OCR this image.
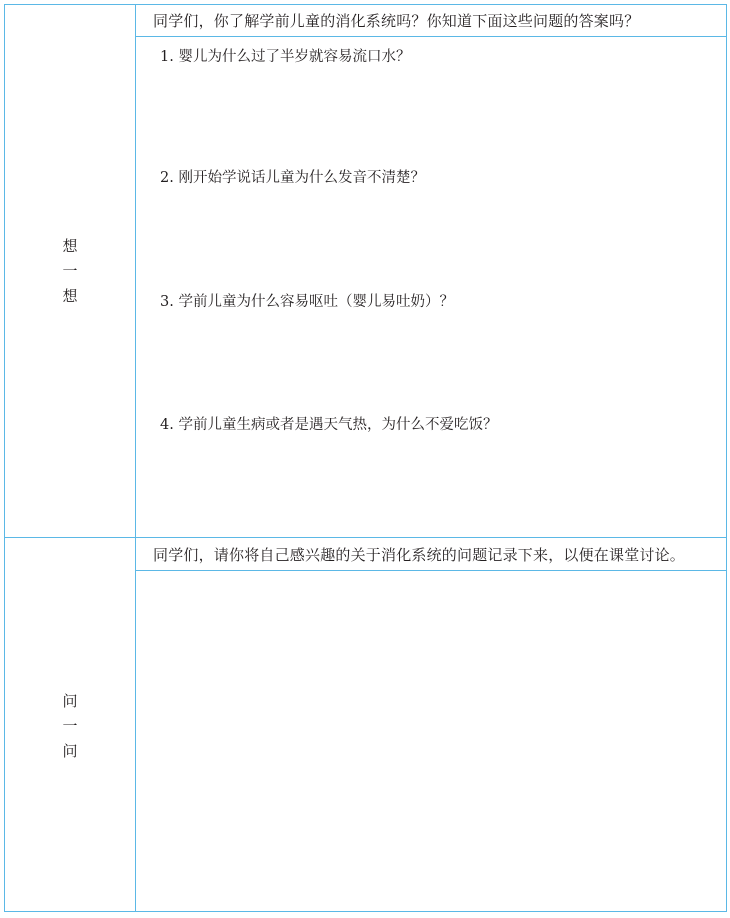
想
一
想
问
一
问
同学们，你了解学前儿童的消化系统吗？你知道下面这些问题的答案吗？
1. 婴儿为什么过了半岁就容易流口水？
2. 刚开始学说话儿童为什么发音不清楚？
3. 学前儿童为什么容易呕吐（婴儿易吐奶）？
4. 学前儿童生病或者是遇天气热，为什么不爱吃饭？
同学们，请你将自己感兴趣的关于消化系统的问题记录下来，以便在课堂讨论。
